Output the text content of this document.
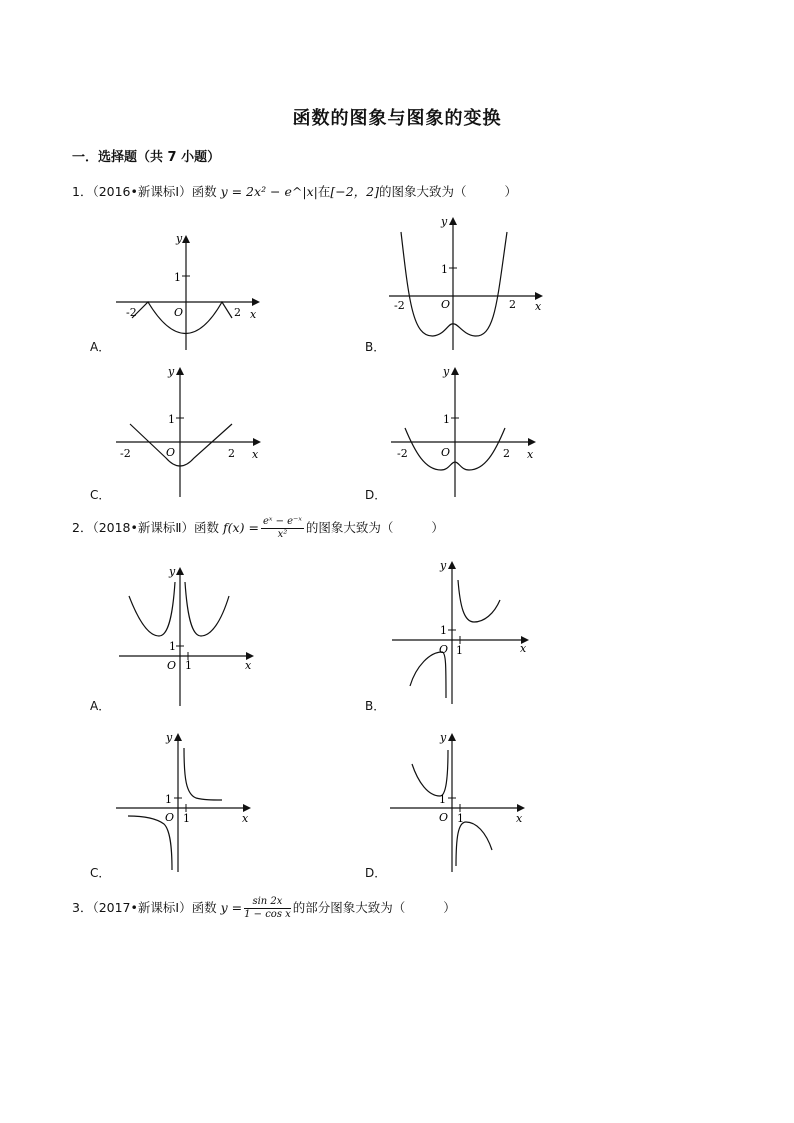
函数的图象与图象的变换
一．选择题（共 7 小题）
1．（2016•新课标Ⅰ）函数 y = 2x² − e^|x|在[−2，2]的图象大致为（	）
y
1
O
-2	2 x
A．
y
1
O
-2	2 x
B．
y
1
O
-2	2 x
C．
y
1
O
-2	2 x
D．
2．（2018•新课标Ⅱ）函数 $f(x) = \frac{\text{eˣ − e⁻ˣ}}{\text{x²}}$ 的图象大致为（	）
y
1
O 1	x
A．
y
1
O 1	x
B．
y
1
O 1	x
C．
y
1
O 1	x
D．
3．（2017•新课标Ⅰ）函数 $y = \frac{\sin 2x}{\text{1 − cos x}}$ 的部分图象大致为（	）
